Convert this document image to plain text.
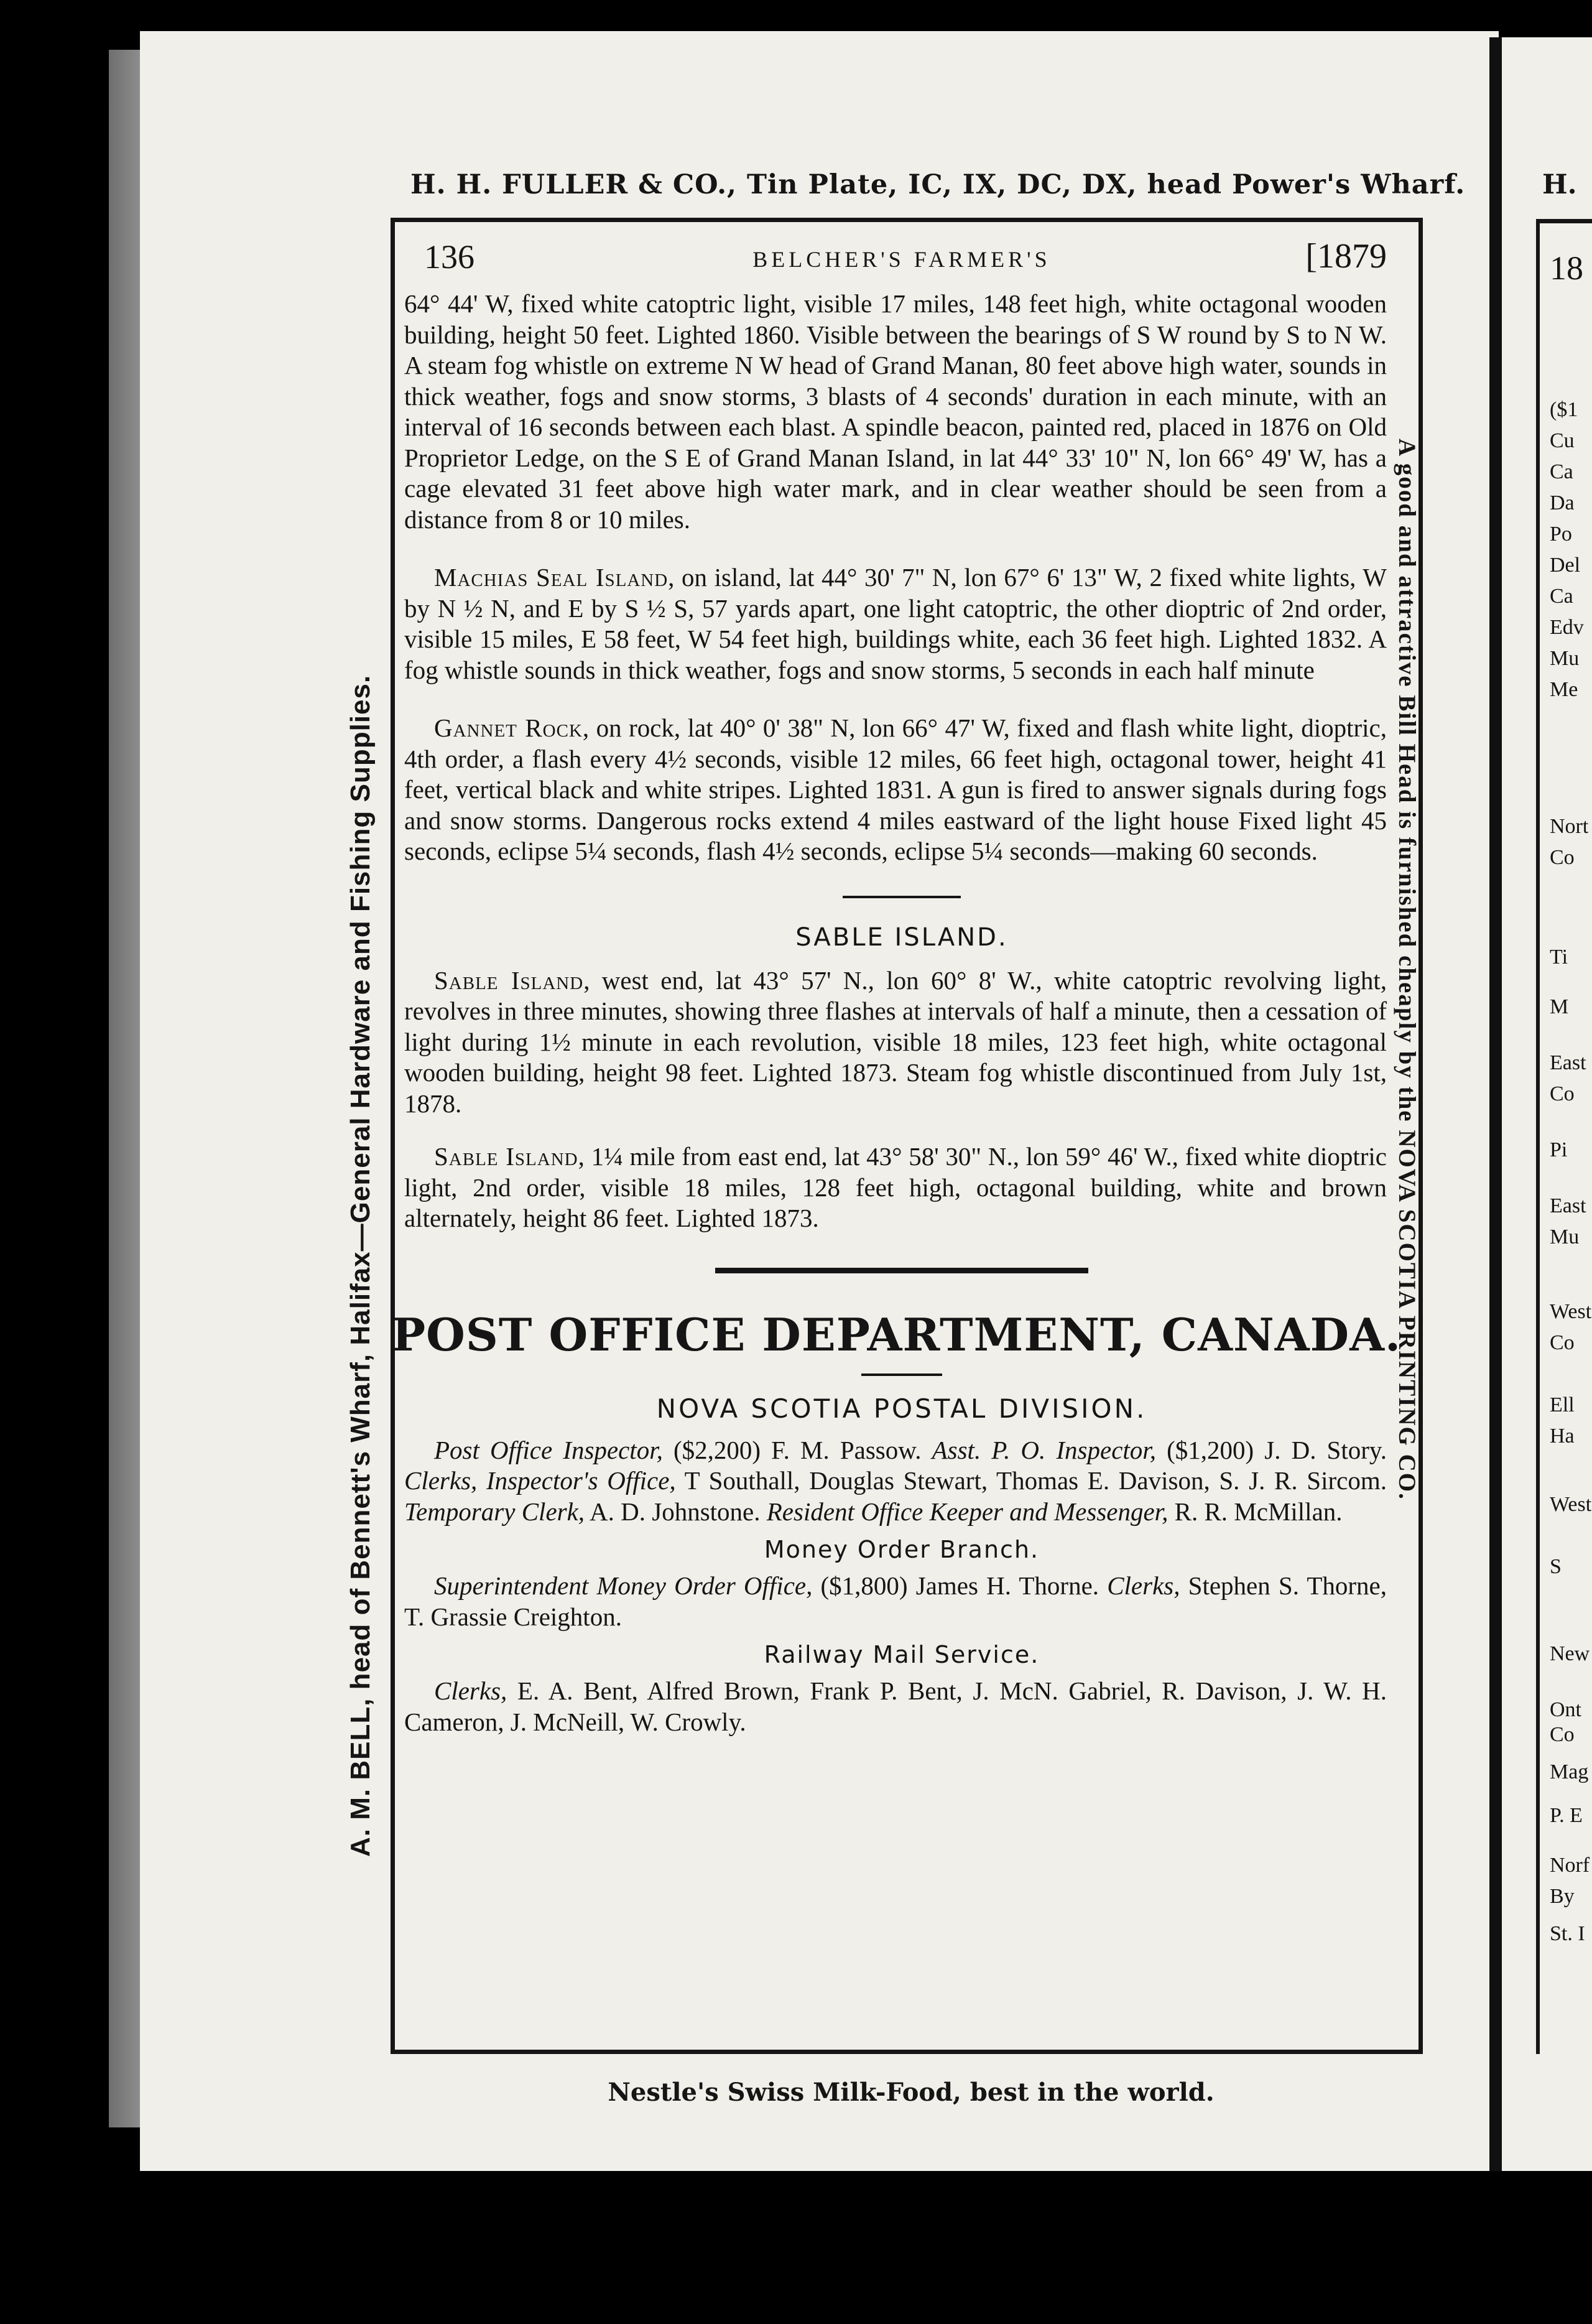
H. H. FULLER & CO., Tin Plate, IC, IX, DC, DX, head Power's Wharf.
A. M. BELL, head of Bennett's Wharf, Halifax—General Hardware and Fishing Supplies.	A good and attractive Bill Head is furnished cheaply by the NOVA SCOTIA PRINTING CO.
136	BELCHER'S FARMER'S	[1879

64° 44' W, fixed white catoptric light, visible 17 miles, 148 feet high, white octagonal wooden building, height 50 feet. Lighted 1860. Visible between the bearings of S W round by S to N W. A steam fog whistle on extreme N W head of Grand Manan, 80 feet above high water, sounds in thick weather, fogs and snow storms, 3 blasts of 4 seconds' duration in each minute, with an interval of 16 seconds between each blast. A spindle beacon, painted red, placed in 1876 on Old Proprietor Ledge, on the S E of Grand Manan Island, in lat 44° 33' 10" N, lon 66° 49' W, has a cage elevated 31 feet above high water mark, and in clear weather should be seen from a distance from 8 or 10 miles.

Machias Seal Island, on island, lat 44° 30' 7" N, lon 67° 6' 13" W, 2 fixed white lights, W by N ½ N, and E by S ½ S, 57 yards apart, one light catoptric, the other dioptric of 2nd order, visible 15 miles, E 58 feet, W 54 feet high, buildings white, each 36 feet high. Lighted 1832. A fog whistle sounds in thick weather, fogs and snow storms, 5 seconds in each half minute

Gannet Rock, on rock, lat 40° 0' 38" N, lon 66° 47' W, fixed and flash white light, dioptric, 4th order, a flash every 4½ seconds, visible 12 miles, 66 feet high, octagonal tower, height 41 feet, vertical black and white stripes. Lighted 1831. A gun is fired to answer signals during fogs and snow storms. Dangerous rocks extend 4 miles eastward of the light house Fixed light 45 seconds, eclipse 5¼ seconds, flash 4½ seconds, eclipse 5¼ seconds—making 60 seconds.

SABLE ISLAND.

Sable Island, west end, lat 43° 57' N., lon 60° 8' W., white catoptric revolving light, revolves in three minutes, showing three flashes at intervals of half a minute, then a cessation of light during 1½ minute in each revolution, visible 18 miles, 123 feet high, white octagonal wooden building, height 98 feet. Lighted 1873. Steam fog whistle discontinued from July 1st, 1878.

Sable Island, 1¼ mile from east end, lat 43° 58' 30" N., lon 59° 46' W., fixed white dioptric light, 2nd order, visible 18 miles, 128 feet high, octagonal building, white and brown alternately, height 86 feet. Lighted 1873.

POST OFFICE DEPARTMENT, CANADA.
NOVA SCOTIA POSTAL DIVISION.

Post Office Inspector, ($2,200) F. M. Passow. Asst. P. O. Inspector, ($1,200) J. D. Story. Clerks, Inspector's Office, T Southall, Douglas Stewart, Thomas E. Davison, S. J. R. Sircom. Temporary Clerk, A. D. Johnstone. Resident Office Keeper and Messenger, R. R. McMillan.

Money Order Branch.

Superintendent Money Order Office, ($1,800) James H. Thorne. Clerks, Stephen S. Thorne, T. Grassie Creighton.

Railway Mail Service.

Clerks, E. A. Bent, Alfred Brown, Frank P. Bent, J. McN. Gabriel, R. Davison, J. W. H. Cameron, J. McNeill, W. Crowly.

Nestle's Swiss Milk-Food, best in the world.
H.
18
($1
Cu
Ca
Da
Po
Del
Ca
Edv
Mu
Me
Nort
Co
Ti
M
East
Co
Pi
East
Mu
West
Co
Ell
Ha
West
S
New
Ont
Co
Mag
P. E
Norf
By
St. I
